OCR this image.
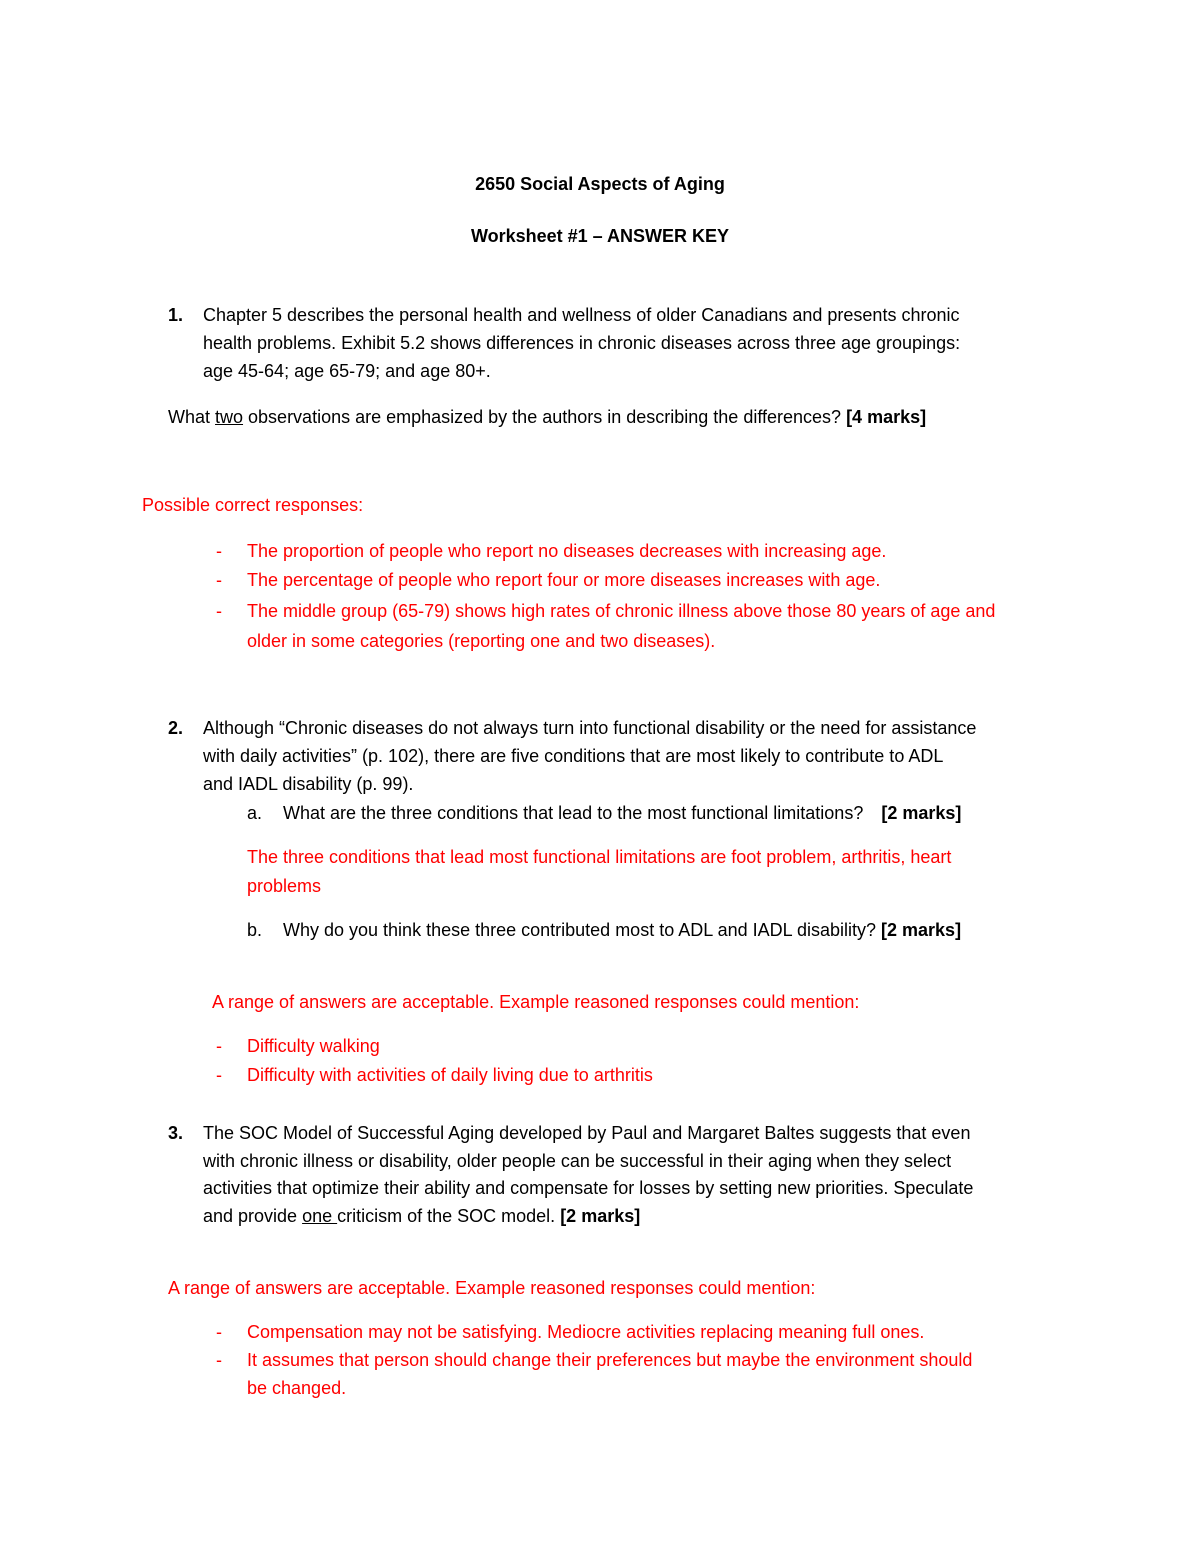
2650 Social Aspects of Aging
Worksheet #1 – ANSWER KEY
1. Chapter 5 describes the personal health and wellness of older Canadians and presents chronic
health problems. Exhibit 5.2 shows differences in chronic diseases across three age groupings:
age 45-64; age 65-79; and age 80+.
What two observations are emphasized by the authors in describing the differences? [4 marks]
Possible correct responses:
- The proportion of people who report no diseases decreases with increasing age.
- The percentage of people who report four or more diseases increases with age.
- The middle group (65-79) shows high rates of chronic illness above those 80 years of age and
older in some categories (reporting one and two diseases).
2. Although “Chronic diseases do not always turn into functional disability or the need for assistance
with daily activities” (p. 102), there are five conditions that are most likely to contribute to ADL
and IADL disability (p. 99).
a. What are the three conditions that lead to the most functional limitations? [2 marks]
The three conditions that lead most functional limitations are foot problem, arthritis, heart
problems
b. Why do you think these three contributed most to ADL and IADL disability? [2 marks]
A range of answers are acceptable. Example reasoned responses could mention:
- Difficulty walking
- Difficulty with activities of daily living due to arthritis
3. The SOC Model of Successful Aging developed by Paul and Margaret Baltes suggests that even
with chronic illness or disability, older people can be successful in their aging when they select
activities that optimize their ability and compensate for losses by setting new priorities. Speculate
and provide one criticism of the SOC model. [2 marks]
A range of answers are acceptable. Example reasoned responses could mention:
- Compensation may not be satisfying. Mediocre activities replacing meaning full ones.
- It assumes that person should change their preferences but maybe the environment should
be changed.
